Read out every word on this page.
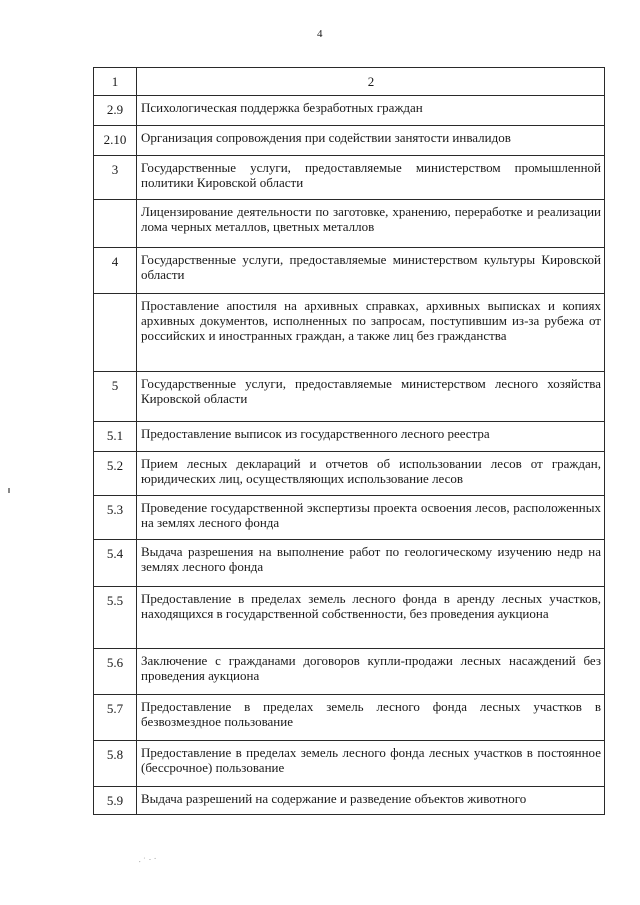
4
1	2

2.9	Психологическая поддержка безработных граждан

2.10	Организация сопровождения при содействии занятости инвалидов

3	Государственные услуги, предоставляемые министерством промышленной политики Кировской области

	Лицензирование деятельности по заготовке, хранению, переработке и реализации лома черных металлов, цветных металлов

4	Государственные услуги, предоставляемые министерством культуры Кировской области

	Проставление апостиля на архивных справках, архивных выписках и копиях архивных документов, исполненных по запросам, поступившим из-за рубежа от российских и иностранных граждан, а также лиц без гражданства

5	Государственные услуги, предоставляемые министерством лесного хозяйства Кировской области

5.1	Предоставление выписок из государственного лесного реестра

5.2	Прием лесных деклараций и отчетов об использовании лесов от граждан, юридических лиц, осуществляющих использование лесов

5.3	Проведение государственной экспертизы проекта освоения лесов, расположенных на землях лесного фонда

5.4	Выдача разрешения на выполнение работ по геологическому изучению недр на землях лесного фонда

5.5	Предоставление в пределах земель лесного фонда в аренду лесных участков, находящихся в государственной собственности, без проведения аукциона

5.6	Заключение с гражданами договоров купли-продажи лесных насаждений без проведения аукциона

5.7	Предоставление в пределах земель лесного фонда лесных участков в безвозмездное пользование

5.8	Предоставление в пределах земель лесного фонда лесных участков в постоянное (бессрочное) пользование

5.9	Выдача разрешений на содержание и разведение объектов животного
· ˙ · ·
